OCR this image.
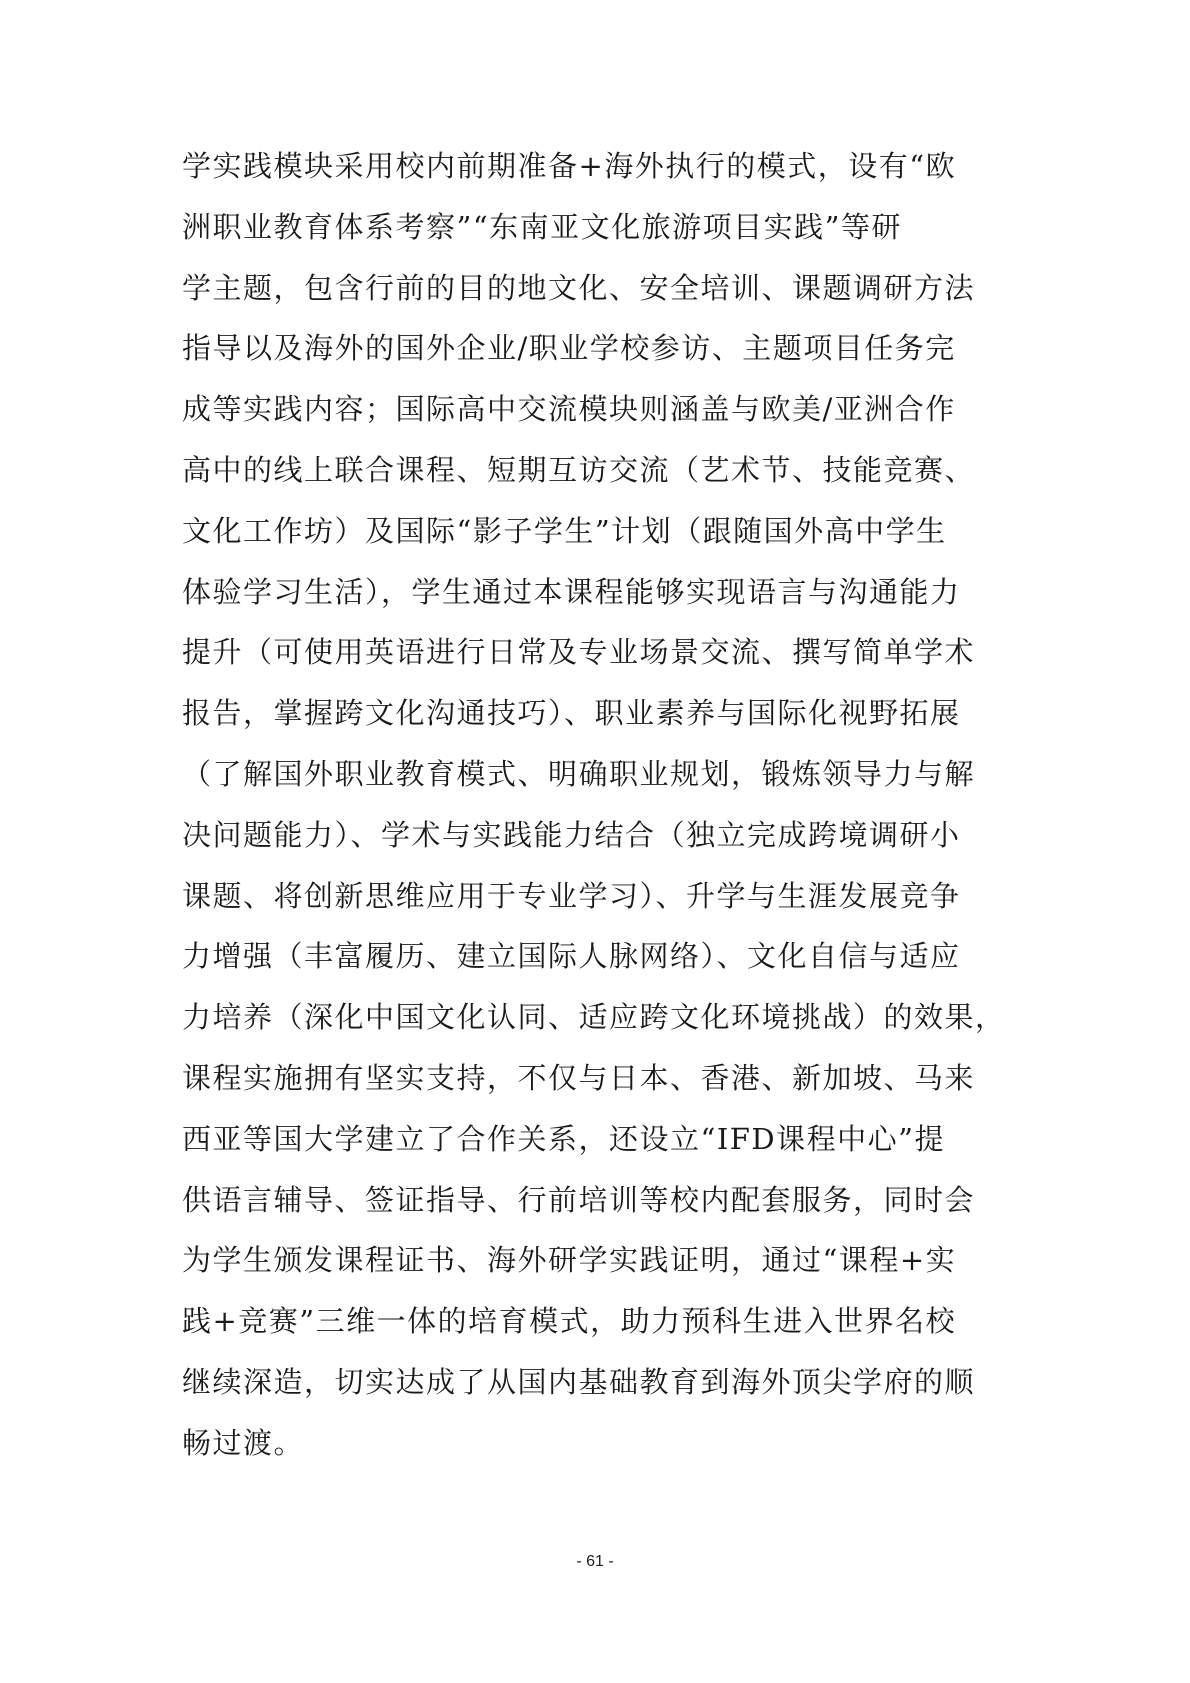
学实践模块采用校内前期准备+海外执行的模式，设有“欧
洲职业教育体系考察”“东南亚文化旅游项目实践”等研
学主题，包含行前的目的地文化、安全培训、课题调研方法
指导以及海外的国外企业/职业学校参访、主题项目任务完
成等实践内容；国际高中交流模块则涵盖与欧美/亚洲合作
高中的线上联合课程、短期互访交流（艺术节、技能竞赛、
文化工作坊）及国际“影子学生”计划（跟随国外高中学生
体验学习生活），学生通过本课程能够实现语言与沟通能力
提升（可使用英语进行日常及专业场景交流、撰写简单学术
报告，掌握跨文化沟通技巧）、职业素养与国际化视野拓展
（了解国外职业教育模式、明确职业规划，锻炼领导力与解
决问题能力）、学术与实践能力结合（独立完成跨境调研小
课题、将创新思维应用于专业学习）、升学与生涯发展竞争
力增强（丰富履历、建立国际人脉网络）、文化自信与适应
力培养（深化中国文化认同、适应跨文化环境挑战）的效果，
课程实施拥有坚实支持，不仅与日本、香港、新加坡、马来
西亚等国大学建立了合作关系，还设立“IFD课程中心”提
供语言辅导、签证指导、行前培训等校内配套服务，同时会
为学生颁发课程证书、海外研学实践证明，通过“课程+实
践+竞赛”三维一体的培育模式，助力预科生进入世界名校
继续深造，切实达成了从国内基础教育到海外顶尖学府的顺
畅过渡。
- 61 -
